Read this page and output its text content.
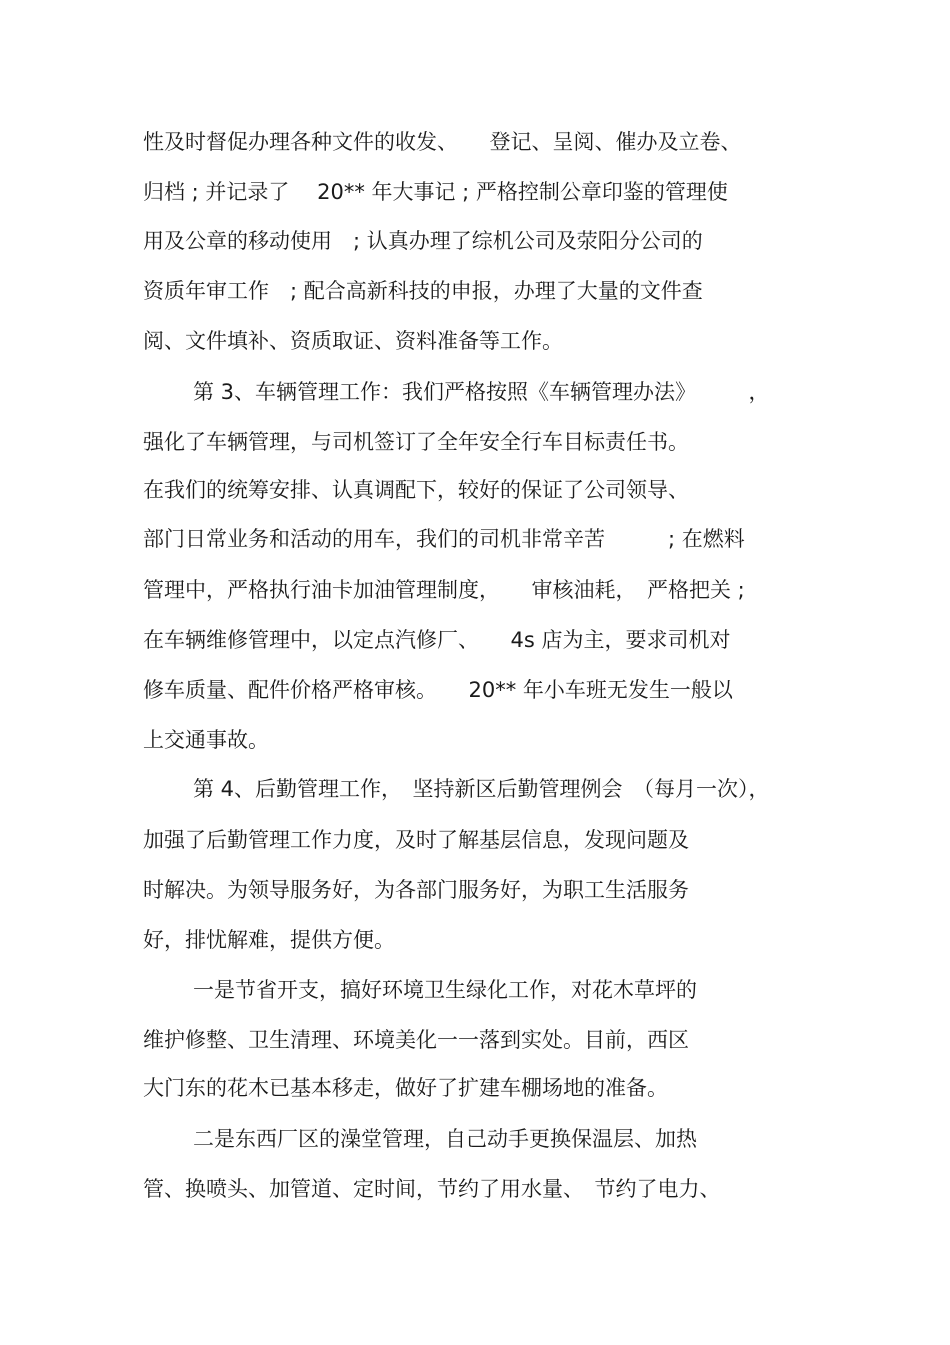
性及时督促办理各种文件的收发、　　登记、呈阅、催办及立卷、
归档 ; 并记录了　 20** 年大事记 ; 严格控制公章印鉴的管理使
用及公章的移动使用　; 认真办理了综机公司及荥阳分公司的
资质年审工作　; 配合高新科技的申报，办理了大量的文件查
阅、文件填补、资质取证、资料准备等工作。
第 3、车辆管理工作：我们严格按照《车辆管理办法》　　　，
强化了车辆管理，与司机签订了全年安全行车目标责任书。
在我们的统筹安排、认真调配下，较好的保证了公司领导、
部门日常业务和活动的用车，我们的司机非常辛苦　　　; 在燃料
管理中，严格执行油卡加油管理制度，　　审核油耗，　严格把关 ;
在车辆维修管理中，以定点汽修厂、　　4s 店为主，要求司机对
修车质量、配件价格严格审核。　　20** 年小车班无发生一般以
上交通事故。
第 4、后勤管理工作，　坚持新区后勤管理例会　（每月一次），
加强了后勤管理工作力度，及时了解基层信息，发现问题及
时解决。为领导服务好，为各部门服务好，为职工生活服务
好，排忧解难，提供方便。
一是节省开支，搞好环境卫生绿化工作，对花木草坪的
维护修整、卫生清理、环境美化一一落到实处。目前，西区
大门东的花木已基本移走，做好了扩建车棚场地的准备。
二是东西厂区的澡堂管理，自己动手更换保温层、加热
管、换喷头、加管道、定时间，节约了用水量、　节约了电力、
